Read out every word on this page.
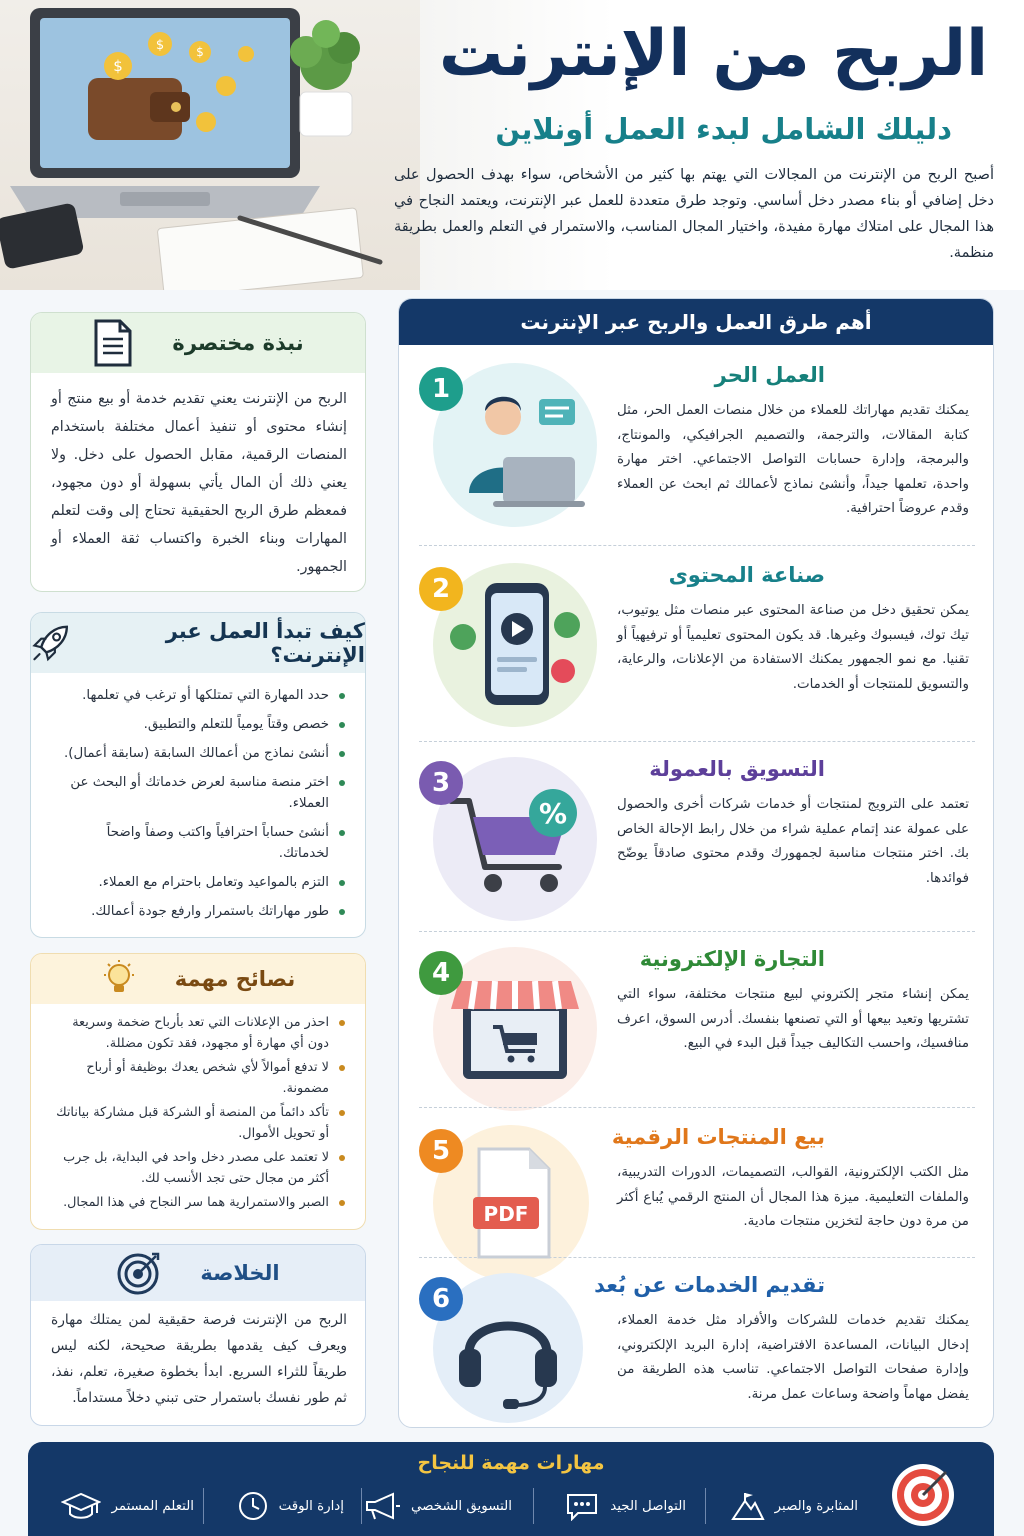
$
$	$	الربح من الإنترنت
دليلك الشامل لبدء العمل أونلاين
أصبح الربح من الإنترنت من المجالات التي يهتم بها كثير من الأشخاص، سواء بهدف الحصول على دخل إضافي أو بناء مصدر دخل أساسي. وتوجد طرق متعددة للعمل عبر الإنترنت، ويعتمد النجاح في هذا المجال على امتلاك مهارة مفيدة، واختيار المجال المناسب، والاستمرار في التعلم والعمل بطريقة منظمة.
نبذة مختصرة
الربح من الإنترنت يعني تقديم خدمة أو بيع منتج أو إنشاء محتوى أو تنفيذ أعمال مختلفة باستخدام المنصات الرقمية، مقابل الحصول على دخل. ولا يعني ذلك أن المال يأتي بسهولة أو دون مجهود، فمعظم طرق الربح الحقيقية تحتاج إلى وقت لتعلم المهارات وبناء الخبرة واكتساب ثقة العملاء أو الجمهور.
كيف تبدأ العمل عبر الإنترنت؟
حدد المهارة التي تمتلكها أو ترغب في تعلمها.
خصص وقتاً يومياً للتعلم والتطبيق.
أنشئ نماذج من أعمالك السابقة (سابقة أعمال).
اختر منصة مناسبة لعرض خدماتك أو البحث عن العملاء.
أنشئ حساباً احترافياً واكتب وصفاً واضحاً لخدماتك.
التزم بالمواعيد وتعامل باحترام مع العملاء.
طور مهاراتك باستمرار وارفع جودة أعمالك.
نصائح مهمة
احذر من الإعلانات التي تعد بأرباح ضخمة وسريعة دون أي مهارة أو مجهود، فقد تكون مضللة.
لا تدفع أموالاً لأي شخص يعدك بوظيفة أو أرباح مضمونة.
تأكد دائماً من المنصة أو الشركة قبل مشاركة بياناتك أو تحويل الأموال.
لا تعتمد على مصدر دخل واحد في البداية، بل جرب أكثر من مجال حتى تجد الأنسب لك.
الصبر والاستمرارية هما سر النجاح في هذا المجال.
الخلاصة
الربح من الإنترنت فرصة حقيقية لمن يمتلك مهارة ويعرف كيف يقدمها بطريقة صحيحة، لكنه ليس طريقاً للثراء السريع. ابدأ بخطوة صغيرة، تعلم، نفذ، ثم طور نفسك باستمرار حتى تبني دخلاً مستداماً.
أهم طرق العمل والربح عبر الإنترنت
1	العمل الحر
يمكنك تقديم مهاراتك للعملاء من خلال منصات العمل الحر، مثل كتابة المقالات، والترجمة، والتصميم الجرافيكي، والمونتاج، والبرمجة، وإدارة حسابات التواصل الاجتماعي. اختر مهارة واحدة، تعلمها جيداً، وأنشئ نماذج لأعمالك ثم ابحث عن العملاء وقدم عروضاً احترافية.
2	صناعة المحتوى
يمكن تحقيق دخل من صناعة المحتوى عبر منصات مثل يوتيوب، تيك توك، فيسبوك وغيرها. قد يكون المحتوى تعليمياً أو ترفيهياً أو تقنيا. مع نمو الجمهور يمكنك الاستفادة من الإعلانات، والرعاية، والتسويق للمنتجات أو الخدمات.
%
3	التسويق بالعمولة
تعتمد على الترويج لمنتجات أو خدمات شركات أخرى والحصول على عمولة عند إتمام عملية شراء من خلال رابط الإحالة الخاص بك. اختر منتجات مناسبة لجمهورك وقدم محتوى صادقاً يوضّح فوائدها.
4	التجارة الإلكترونية
يمكن إنشاء متجر إلكتروني لبيع منتجات مختلفة، سواء التي تشتريها وتعيد بيعها أو التي تصنعها بنفسك. أدرس السوق، اعرف منافسيك، واحسب التكاليف جيداً قبل البدء في البيع.
PDF
5	بيع المنتجات الرقمية
مثل الكتب الإلكترونية، القوالب، التصميمات، الدورات التدريبية، والملفات التعليمية. ميزة هذا المجال أن المنتج الرقمي يُباع أكثر من مرة دون حاجة لتخزين منتجات مادية.
6	تقديم الخدمات عن بُعد
يمكنك تقديم خدمات للشركات والأفراد مثل خدمة العملاء، إدخال البيانات، المساعدة الافتراضية، إدارة البريد الإلكتروني، وإدارة صفحات التواصل الاجتماعي. تناسب هذه الطريقة من يفضل مهاماً واضحة وساعات عمل مرنة.
مهارات مهمة للنجاح
المثابرة والصبر
التواصل الجيد
التسويق الشخصي
إدارة الوقت
التعلم المستمر
